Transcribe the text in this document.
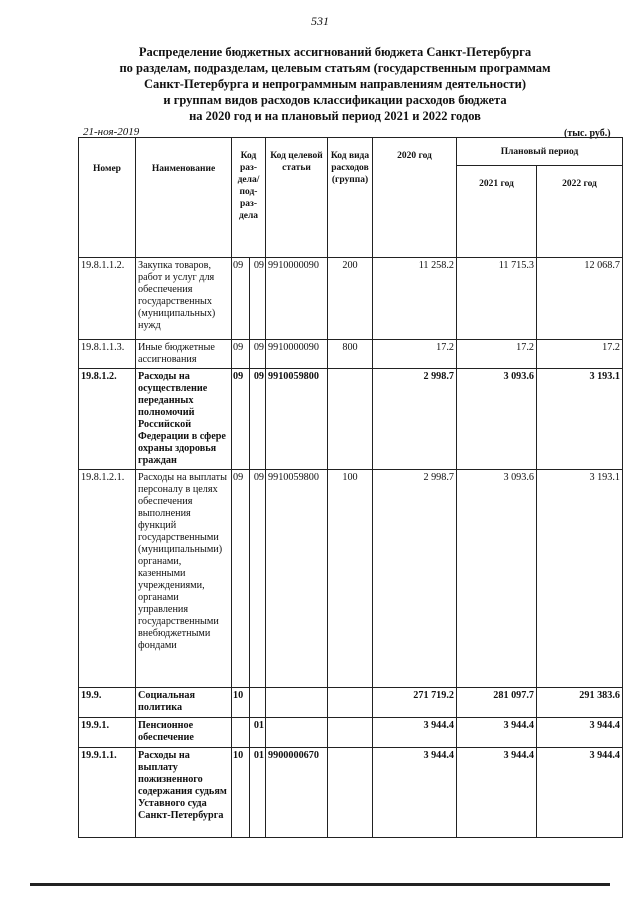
531
Распределение бюджетных ассигнований бюджета Санкт-Петербурга
по разделам, подразделам, целевым статьям (государственным программам
Санкт-Петербурга и непрограммным направлениям деятельности)
и группам видов расходов классификации расходов бюджета
на 2020 год и на плановый период 2021 и 2022 годов
21-ноя-2019	(тыс. руб.)
Номер	Наименование	Код раз- дела/ под- раз- дела		Код целевой статьи	Код вида расходов (группа)	2020 год	Плановый период	
							2021 год	2022 год
19.8.1.1.2.	Закупка товаров, работ и услуг для обеспечения государственных (муниципальных) нужд	09	09	9910000090	200	11 258.2	11 715.3	12 068.7
19.8.1.1.3.	Иные бюджетные ассигнования	09	09	9910000090	800	17.2	17.2	17.2
19.8.1.2.	Расходы на осуществление переданных полномочий Российской Федерации в сфере охраны здоровья граждан	09	09	9910059800		2 998.7	3 093.6	3 193.1
19.8.1.2.1.	Расходы на выплаты персоналу в целях обеспечения выполнения функций государственными (муниципальными) органами, казенными учреждениями, органами управления государственными внебюджетными фондами	09	09	9910059800	100	2 998.7	3 093.6	3 193.1
19.9.	Социальная политика	10				271 719.2	281 097.7	291 383.6
19.9.1.	Пенсионное обеспечение		01			3 944.4	3 944.4	3 944.4
19.9.1.1.	Расходы на выплату пожизненного содержания судьям Уставного суда Санкт-Петербурга	10	01	9900000670		3 944.4	3 944.4	3 944.4
